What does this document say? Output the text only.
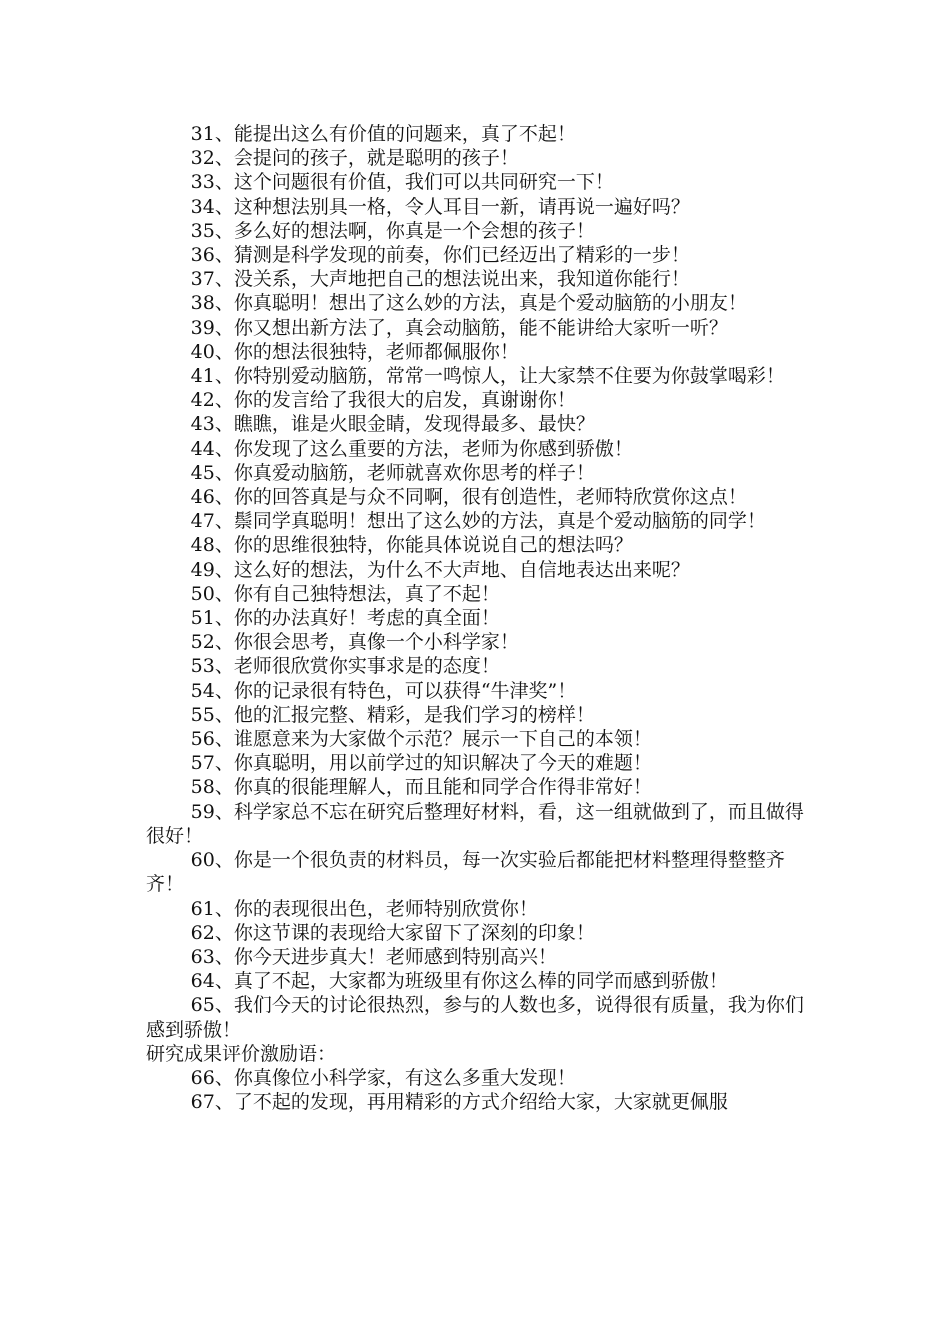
31、能提出这么有价值的问题来，真了不起！
32、会提问的孩子，就是聪明的孩子！
33、这个问题很有价值，我们可以共同研究一下！
34、这种想法别具一格，令人耳目一新，请再说一遍好吗？
35、多么好的想法啊，你真是一个会想的孩子！
36、猜测是科学发现的前奏，你们已经迈出了精彩的一步！
37、没关系，大声地把自己的想法说出来，我知道你能行！
38、你真聪明！想出了这么妙的方法，真是个爱动脑筋的小朋友！
39、你又想出新方法了，真会动脑筋，能不能讲给大家听一听？
40、你的想法很独特，老师都佩服你！
41、你特别爱动脑筋，常常一鸣惊人，让大家禁不住要为你鼓掌喝彩！
42、你的发言给了我很大的启发，真谢谢你！
43、瞧瞧，谁是火眼金睛，发现得最多、最快？
44、你发现了这么重要的方法，老师为你感到骄傲！
45、你真爱动脑筋，老师就喜欢你思考的样子！
46、你的回答真是与众不同啊，很有创造性，老师特欣赏你这点！
47、鬃同学真聪明！想出了这么妙的方法，真是个爱动脑筋的同学！
48、你的思维很独特，你能具体说说自己的想法吗？
49、这么好的想法，为什么不大声地、自信地表达出来呢？
50、你有自己独特想法，真了不起！
51、你的办法真好！考虑的真全面！
52、你很会思考，真像一个小科学家！
53、老师很欣赏你实事求是的态度！
54、你的记录很有特色，可以获得“牛津奖”！
55、他的汇报完整、精彩，是我们学习的榜样！
56、谁愿意来为大家做个示范？展示一下自己的本领！
57、你真聪明，用以前学过的知识解决了今天的难题！
58、你真的很能理解人，而且能和同学合作得非常好！
59、科学家总不忘在研究后整理好材料，看，这一组就做到了，而且做得很好！
60、你是一个很负责的材料员，每一次实验后都能把材料整理得整整齐齐！
61、你的表现很出色，老师特别欣赏你！
62、你这节课的表现给大家留下了深刻的印象！
63、你今天进步真大！老师感到特别高兴！
64、真了不起，大家都为班级里有你这么棒的同学而感到骄傲！
65、我们今天的讨论很热烈，参与的人数也多，说得很有质量，我为你们感到骄傲！
研究成果评价激励语：
66、你真像位小科学家，有这么多重大发现！
67、了不起的发现，再用精彩的方式介绍给大家，大家就更佩服
